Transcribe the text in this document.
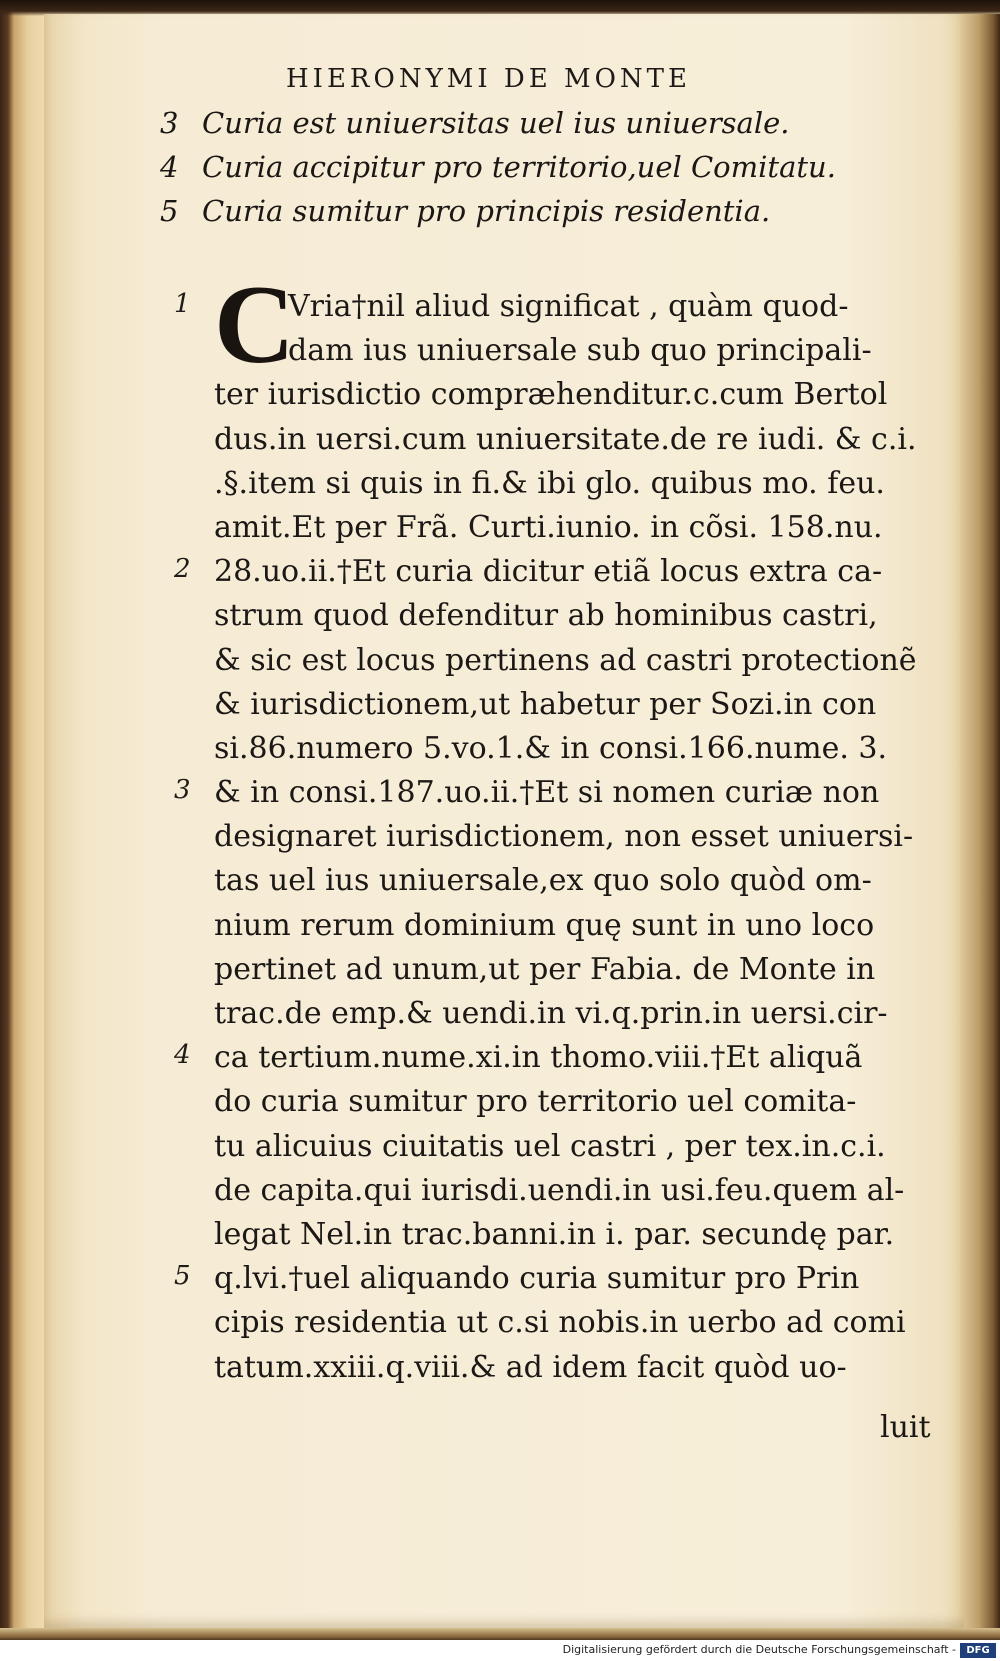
HIERONYMI DE MONTE
3 Curia est uniuersitas uel ius uniuersale.
4 Curia accipitur pro territorio,uel Comitatu.
5 Curia sumitur pro principis residentia.
C
Vria†nil aliud significat , quàm quod-
dam ius uniuersale sub quo principali-
ter iurisdictio compræhenditur.c.cum Bertol
dus.in uersi.cum uniuersitate.de re iudi. & c.i.
.§.item si quis in fi.& ibi glo. quibus mo. feu.
amit.Et per Frã. Curti.iunio. in cõsi. 158.nu.
28.uo.ii.†Et curia dicitur etiã locus extra ca-
strum quod defenditur ab hominibus castri,
& sic est locus pertinens ad castri protectionẽ
& iurisdictionem,ut habetur per Sozi.in con
si.86.numero 5.vo.1.& in consi.166.nume. 3.
& in consi.187.uo.ii.†Et si nomen curiæ non
designaret iurisdictionem, non esset uniuersi-
tas uel ius uniuersale,ex quo solo quòd om-
nium rerum dominium quę sunt in uno loco
pertinet ad unum,ut per Fabia. de Monte in
trac.de emp.& uendi.in vi.q.prin.in uersi.cir-
ca tertium.nume.xi.in thomo.viii.†Et aliquã
do curia sumitur pro territorio uel comita-
tu alicuius ciuitatis uel castri , per tex.in.c.i.
de capita.qui iurisdi.uendi.in usi.feu.quem al-
legat Nel.in trac.banni.in i. par. secundę par.
q.lvi.†uel aliquando curia sumitur pro Prin
cipis residentia ut c.si nobis.in uerbo ad comi
tatum.xxiii.q.viii.& ad idem facit quòd uo-
1
2
3
4
5
luit
Digitalisierung gefördert durch die Deutsche Forschungsgemeinschaft -	DFG
